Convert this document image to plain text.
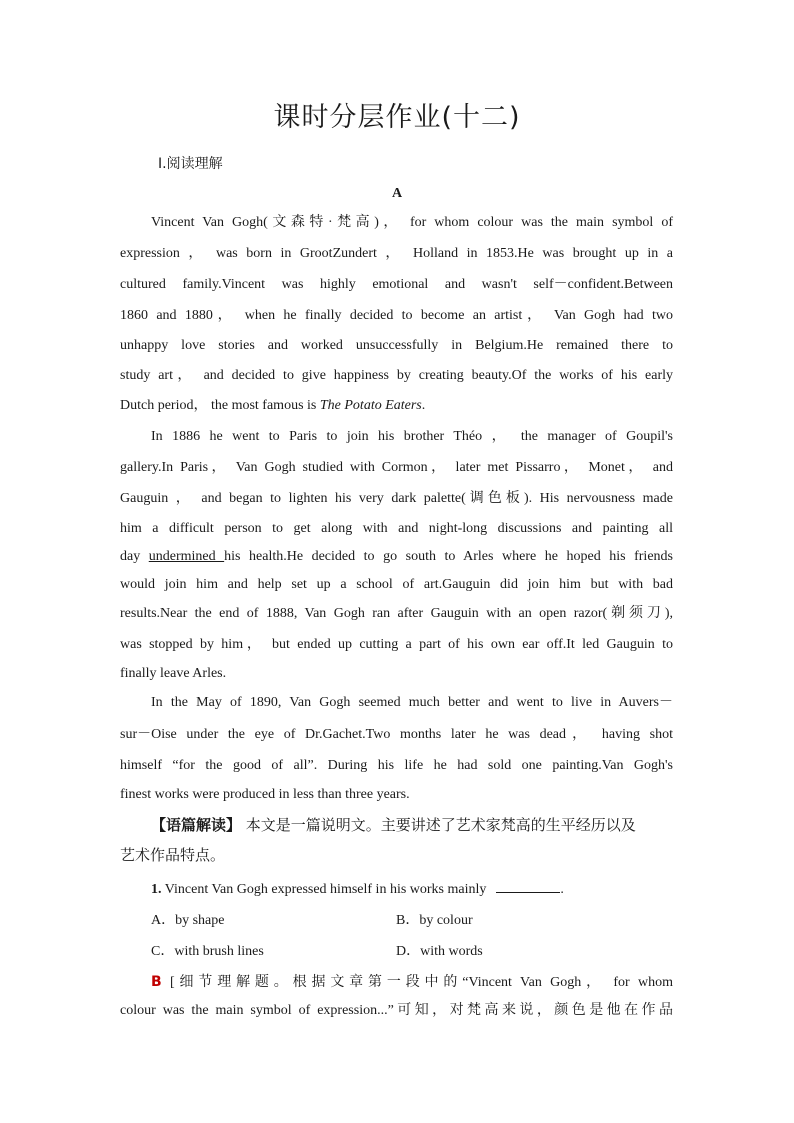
课时分层作业(十二)
Ⅰ.阅读理解
A
Vincent Van Gogh(文森特·梵高)， for whom colour was the main symbol of
expression ， was born in GrootZundert ， Holland in 1853.He was brought up in a
cultured family.Vincent was highly emotional and wasn't self－confident.Between
1860 and 1880， when he finally decided to become an artist， Van Gogh had two
unhappy love stories and worked unsuccessfully in Belgium.He remained there to
study art， and decided to give happiness by creating beauty.Of the works of his early
Dutch period， the most famous is The Potato Eaters.
In 1886 he went to Paris to join his brother Théo ， the manager of Goupil's
gallery.In Paris， Van Gogh studied with Cormon， later met Pissarro， Monet， and
Gauguin ， and began to lighten his very dark palette(调色板). His nervousness made
him a difficult person to get along with and night-long discussions and painting all
day undermined his health.He decided to go south to Arles where he hoped his friends
would join him and help set up a school of art.Gauguin did join him but with bad
results.Near the end of 1888, Van Gogh ran after Gauguin with an open razor(剃须刀),
was stopped by him， but ended up cutting a part of his own ear off.It led Gauguin to
finally leave Arles.
In the May of 1890, Van Gogh seemed much better and went to live in Auvers－
sur－Oise under the eye of Dr.Gachet.Two months later he was dead， having shot
himself “for the good of all”. During his life he had sold one painting.Van Gogh's
finest works were produced in less than three years.
【语篇解读】 本文是一篇说明文。主要讲述了艺术家梵高的生平经历以及
艺术作品特点。
1. Vincent Van Gogh expressed himself in his works mainly	.
A．by shape	B．by colour
C．with brush lines	D．with words
B [细节理解题。根据文章第一段中的“Vincent Van Gogh， for whom
colour was the main symbol of expression...”可知，对梵高来说，颜色是他在作品
